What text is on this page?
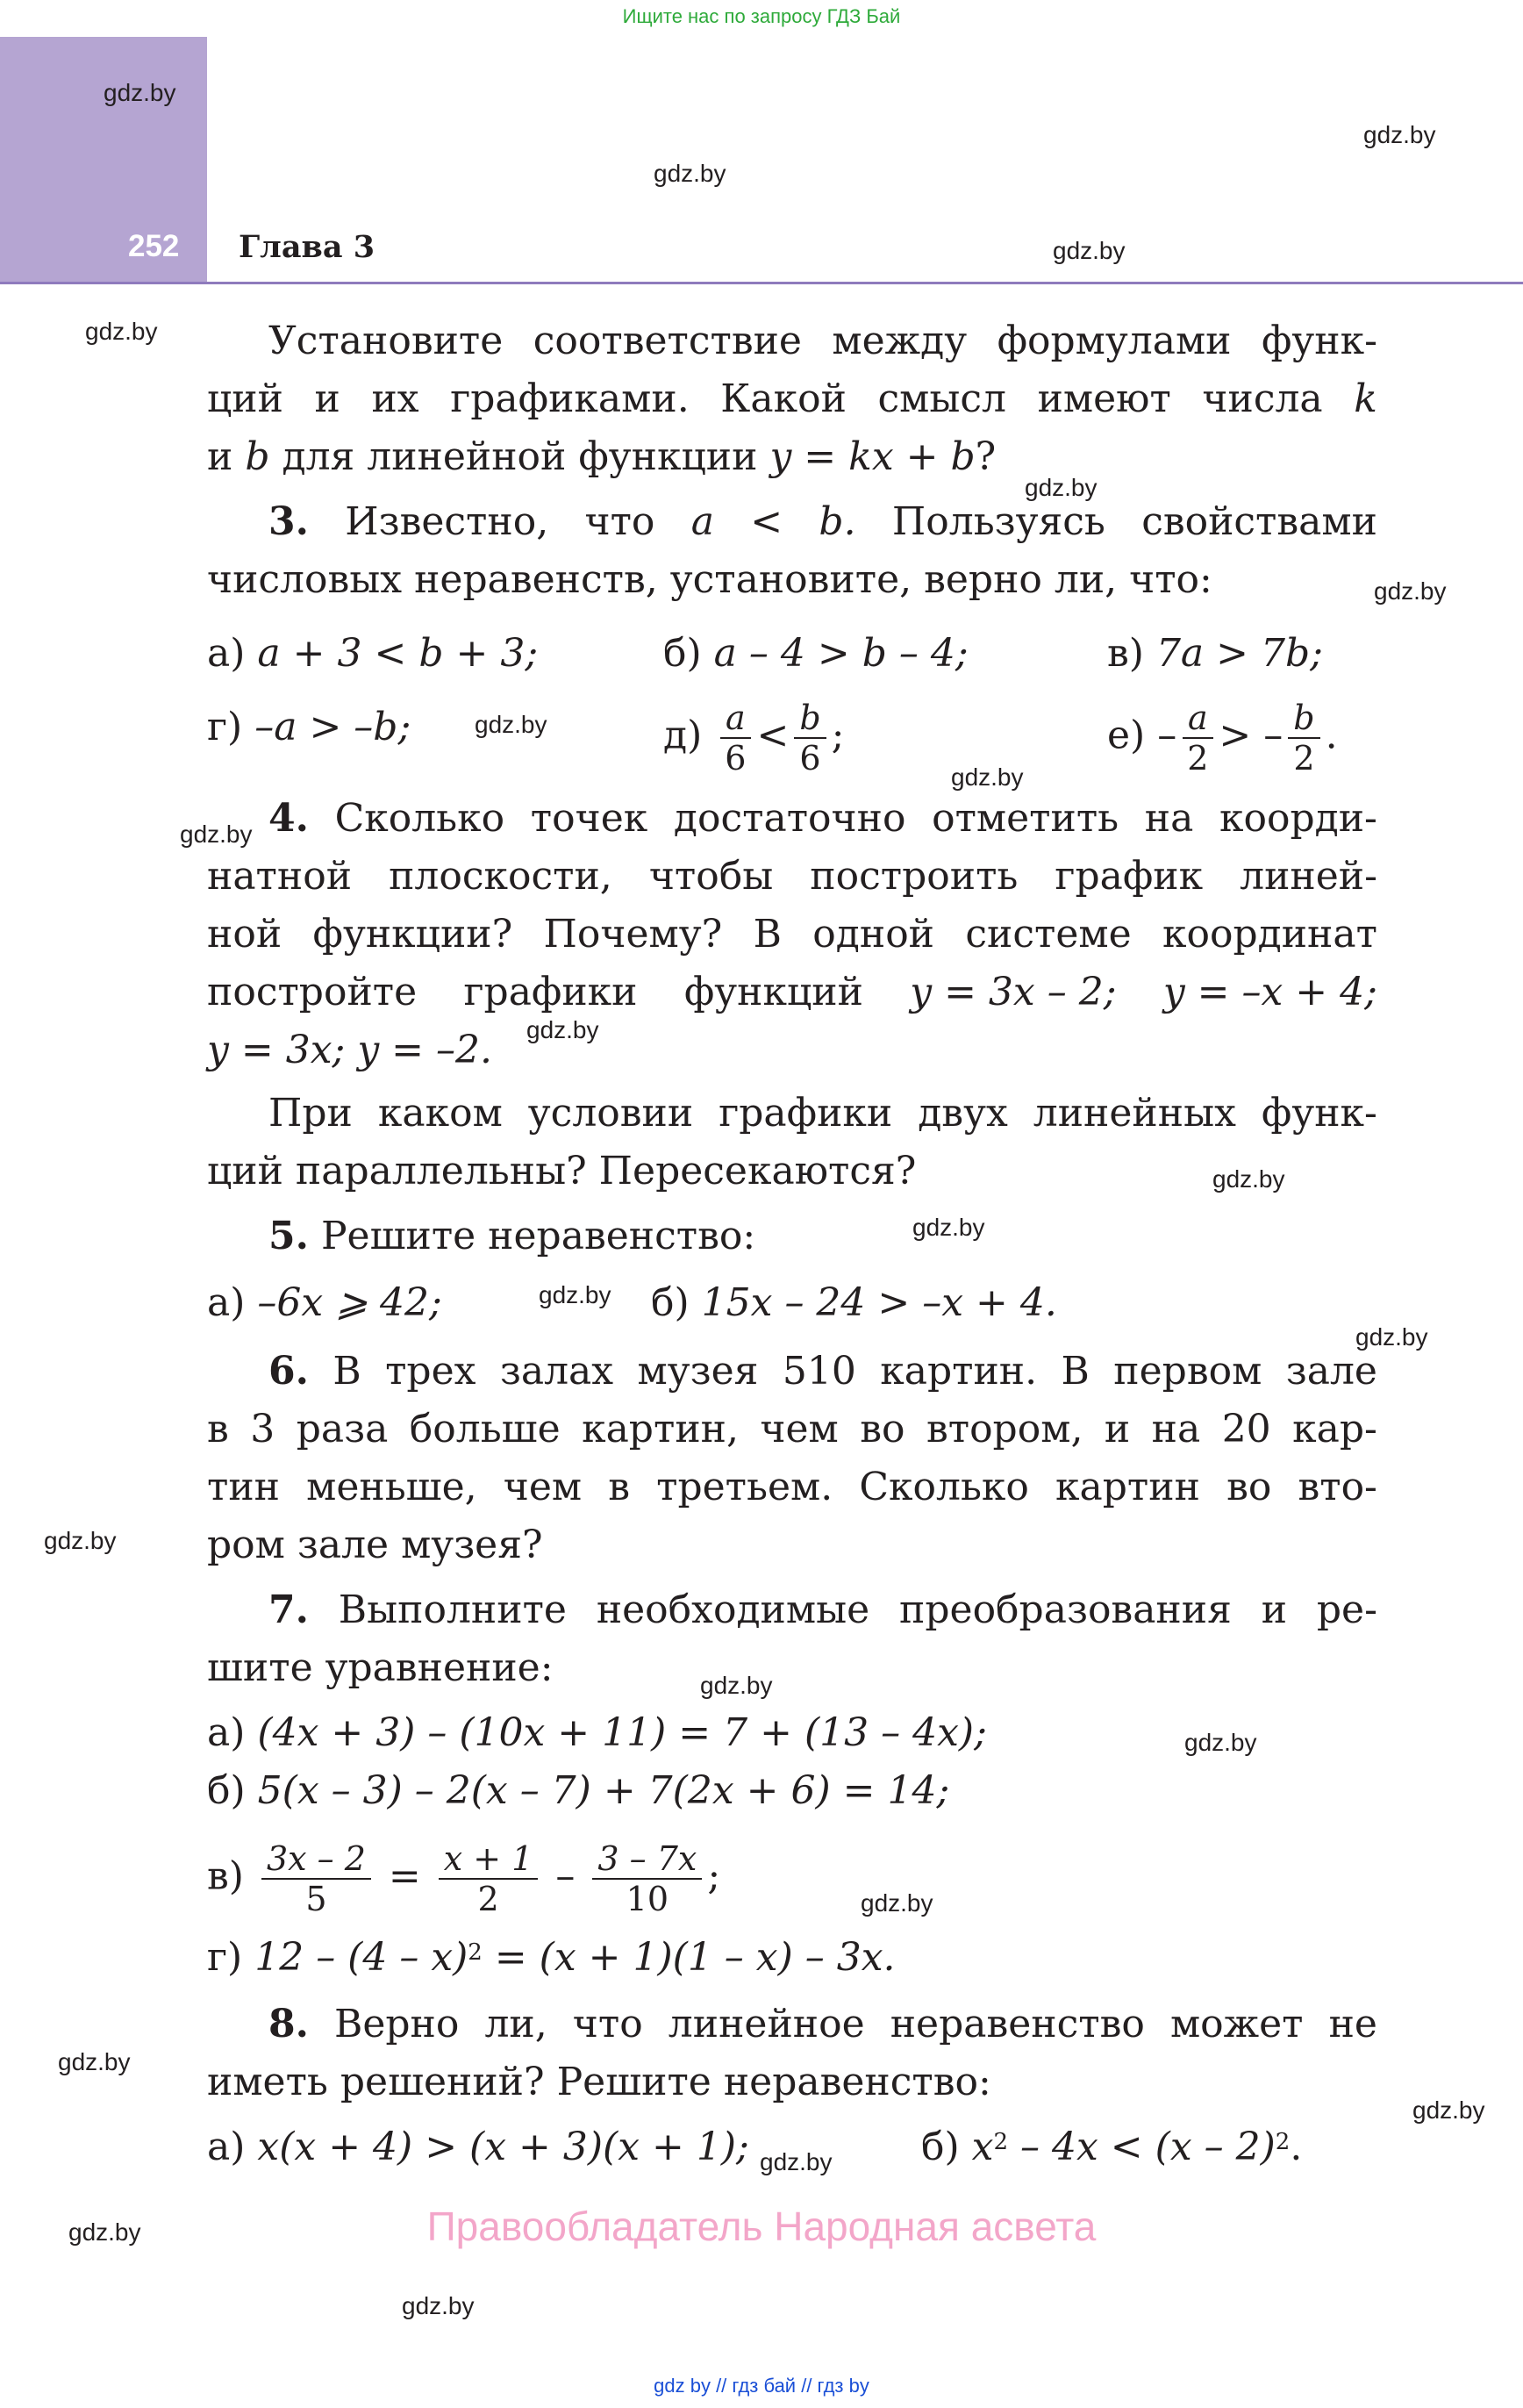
Ищите нас по запросу ГДЗ Бай
252 Глава 3
gdz.by
gdz.by
gdz.by
gdz.by
gdz.by
gdz.by
gdz.by
gdz.by
gdz.by
gdz.by
gdz.by
gdz.by
gdz.by
gdz.by
gdz.by
gdz.by
gdz.by
gdz.by
gdz.by
gdz.by
gdz.by
gdz.by
gdz.by
gdz.by
Установите соответствие между формулами функ-
ций и их графиками. Какой смысл имеют числа k
и b для линейной функции y = kx + b?
3. Известно, что a < b. Пользуясь свойствами
числовых неравенств, установите, верно ли, что:
а) a + 3 < b + 3;	б) a – 4 > b – 4;	в) 7a > 7b;
г) –a > –b;	$д) \frac{a}{6} < \frac{b}{6}$ ;	$е) - \frac{a}{2}$ > – $\frac{b}{2}$ .
4. Сколько точек достаточно отметить на коорди-
натной плоскости, чтобы построить график линей-
ной функции? Почему? В одной системе координат
постройте графики функций y = 3x – 2; y = –x + 4;
y = 3x; y = –2.
При каком условии графики двух линейных функ-
ций параллельны? Пересекаются?
5. Решите неравенство:
а) –6x ⩾ 42;	б) 15x – 24 > –x + 4.
6. В трех залах музея 510 картин. В первом зале
в 3 раза больше картин, чем во втором, и на 20 кар-
тин меньше, чем в третьем. Сколько картин во вто-
ром зале музея?
7. Выполните необходимые преобразования и ре-
шите уравнение:
а) (4x + 3) – (10x + 11) = 7 + (13 – 4x);
б) 5(x – 3) – 2(x – 7) + 7(2x + 6) = 14;
$в) \frac{3x - 2}{5} = \frac{x + 1}{2} - \frac{3 - 7x}{10}$ ;
г) 12 – (4 – x)$^2$ = (x + 1)(1 – x) – 3x.
8. Верно ли, что линейное неравенство может не
иметь решений? Решите неравенство:
а) x(x + 4) > (x + 3)(x + 1);	б) $x^2 - 4x < (x - 2)^2$.
Правообладатель Народная асвета
gdz by // гдз бай // гдз by
